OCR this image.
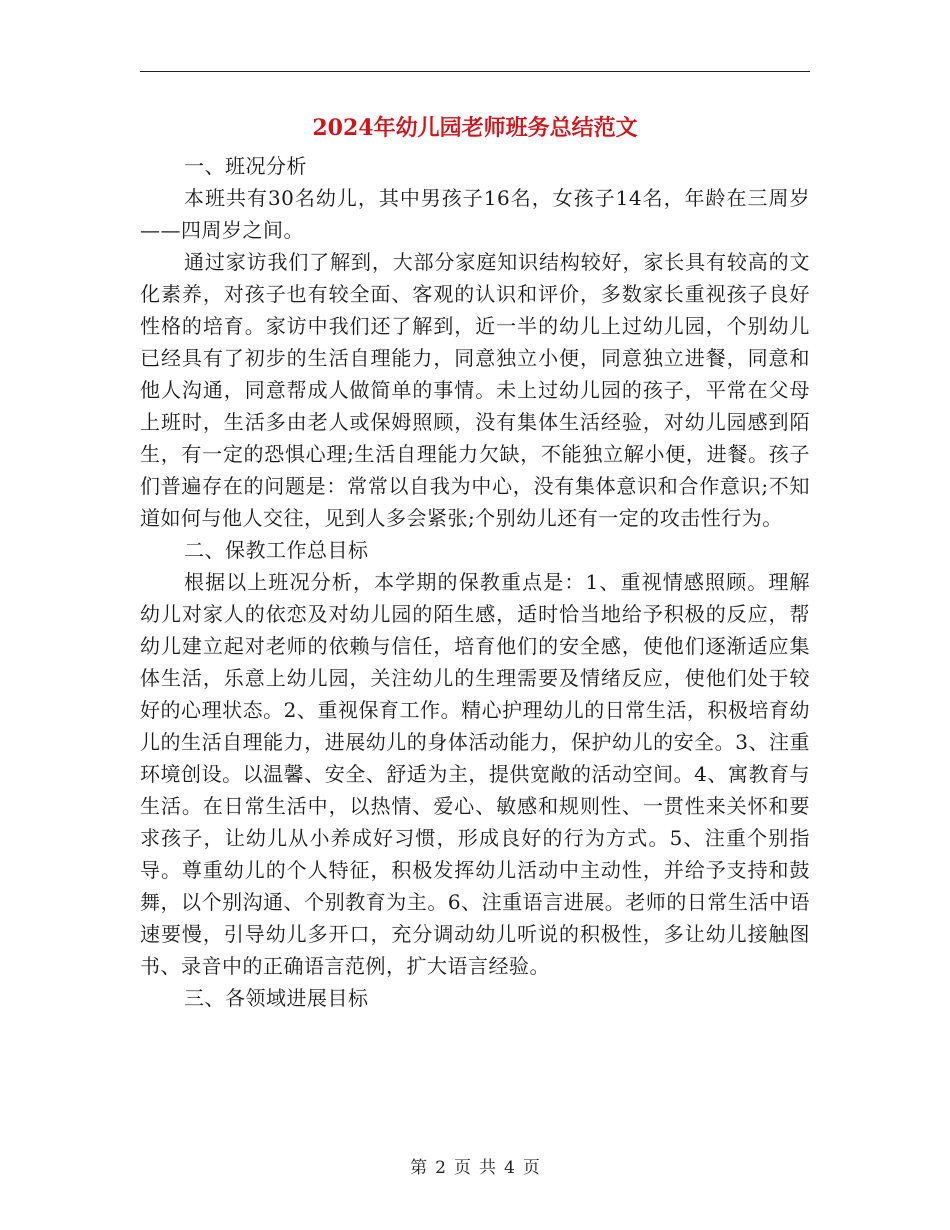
2024年幼儿园老师班务总结范文

一、班况分析

本班共有30名幼儿，其中男孩子16名，女孩子14名，年龄在三周岁——四周岁之间。

通过家访我们了解到，大部分家庭知识结构较好，家长具有较高的文化素养，对孩子也有较全面、客观的认识和评价，多数家长重视孩子良好性格的培育。家访中我们还了解到，近一半的幼儿上过幼儿园，个别幼儿已经具有了初步的生活自理能力，同意独立小便，同意独立进餐，同意和他人沟通，同意帮成人做简单的事情。未上过幼儿园的孩子，平常在父母上班时，生活多由老人或保姆照顾，没有集体生活经验，对幼儿园感到陌生，有一定的恐惧心理;生活自理能力欠缺，不能独立解小便，进餐。孩子们普遍存在的问题是：常常以自我为中心，没有集体意识和合作意识;不知道如何与他人交往，见到人多会紧张;个别幼儿还有一定的攻击性行为。

二、保教工作总目标

根据以上班况分析，本学期的保教重点是：1、重视情感照顾。理解幼儿对家人的依恋及对幼儿园的陌生感，适时恰当地给予积极的反应，帮幼儿建立起对老师的依赖与信任，培育他们的安全感，使他们逐渐适应集体生活，乐意上幼儿园，关注幼儿的生理需要及情绪反应，使他们处于较好的心理状态。2、重视保育工作。精心护理幼儿的日常生活，积极培育幼儿的生活自理能力，进展幼儿的身体活动能力，保护幼儿的安全。3、注重环境创设。以温馨、安全、舒适为主，提供宽敞的活动空间。4、寓教育与生活。在日常生活中，以热情、爱心、敏感和规则性、一贯性来关怀和要求孩子，让幼儿从小养成好习惯，形成良好的行为方式。5、注重个别指导。尊重幼儿的个人特征，积极发挥幼儿活动中主动性，并给予支持和鼓舞，以个别沟通、个别教育为主。6、注重语言进展。老师的日常生活中语速要慢，引导幼儿多开口，充分调动幼儿听说的积极性，多让幼儿接触图书、录音中的正确语言范例，扩大语言经验。

三、各领域进展目标

第 2 页 共 4 页
